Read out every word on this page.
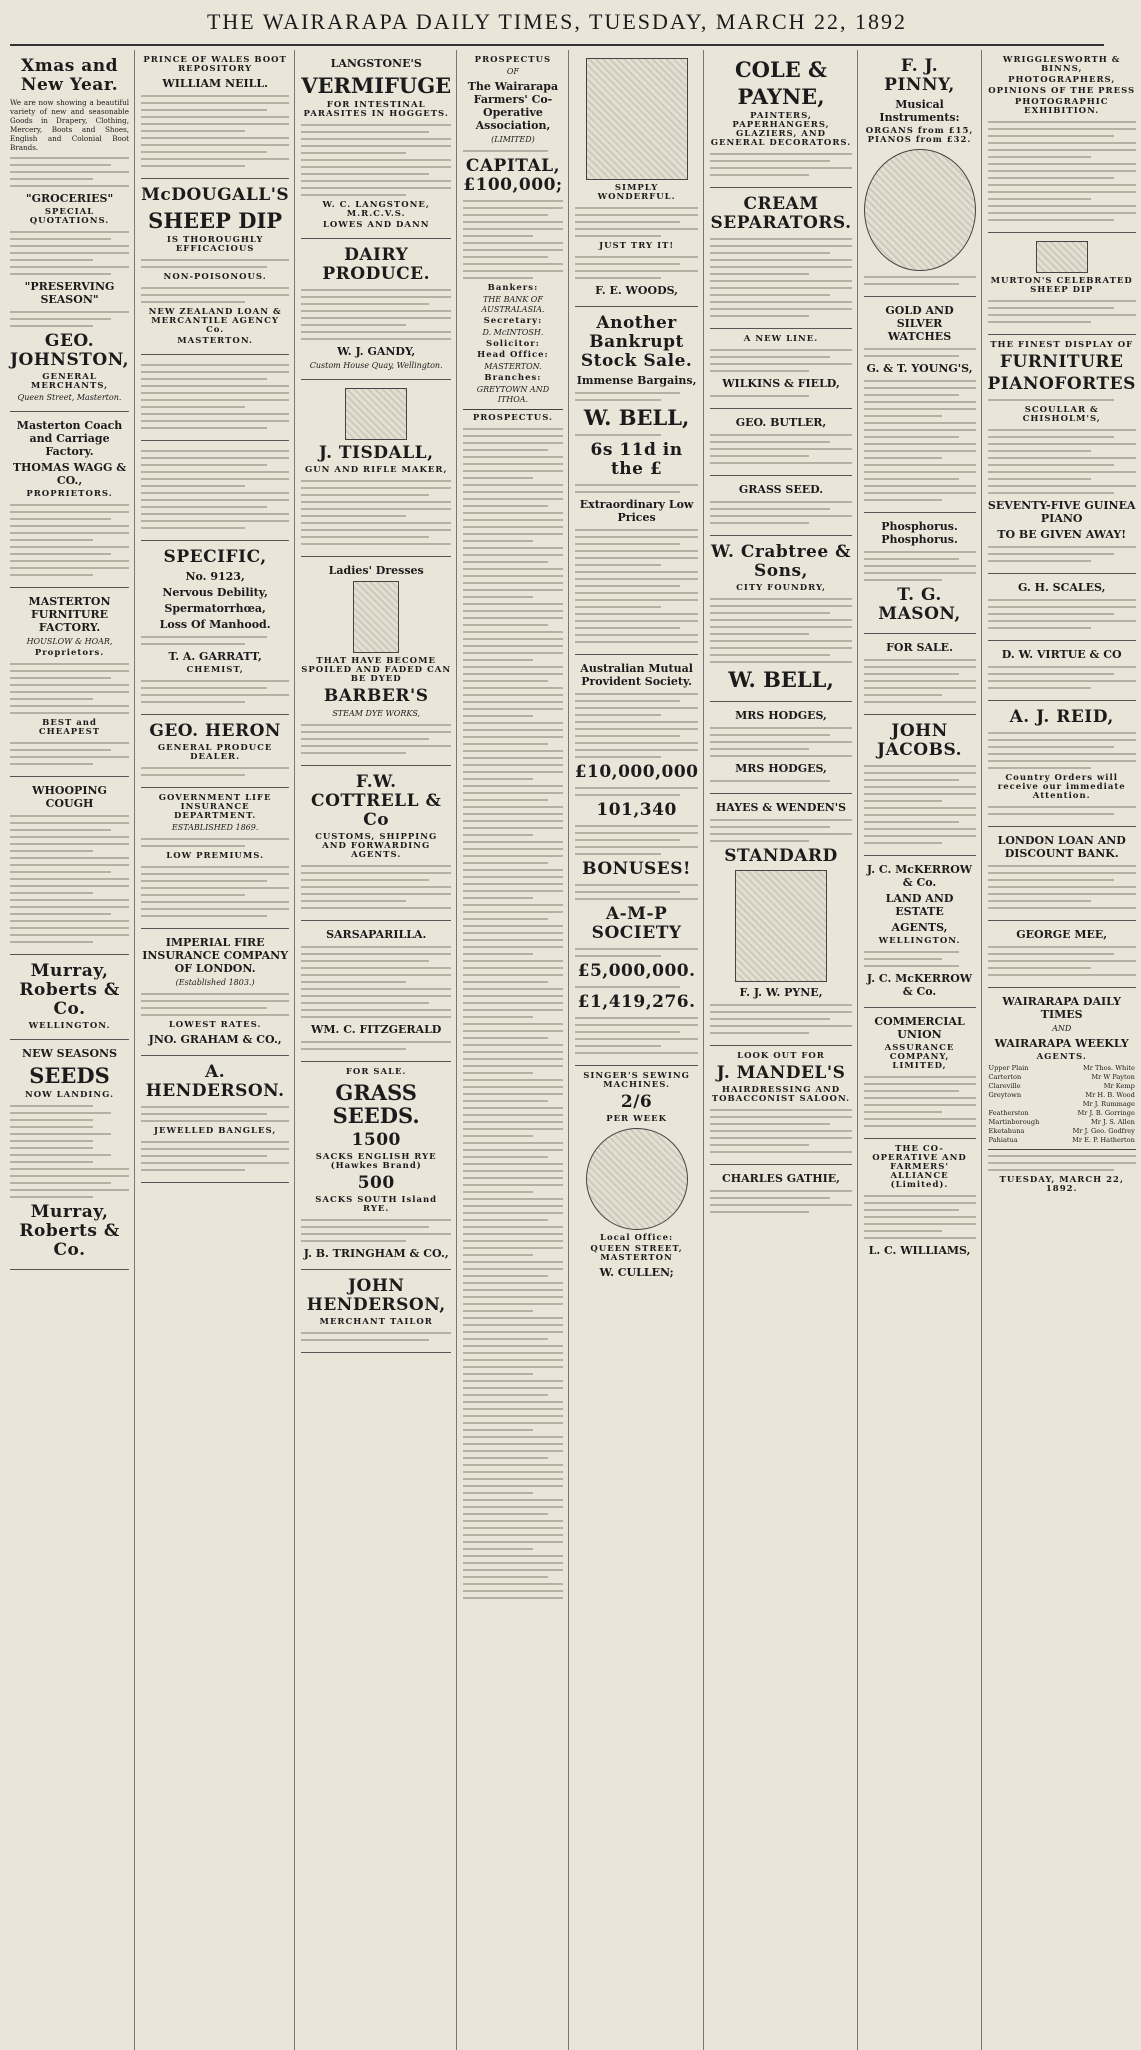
THE WAIRARAPA DAILY TIMES, TUESDAY, MARCH 22, 1892
Xmas and New Year.
We are now showing a beautiful variety of new and seasonable Goods in Drapery, Clothing, Mercery, Boots and Shoes, English and Colonial Boot Brands.
"GROCERIES"
SPECIAL QUOTATIONS.
"PRESERVING SEASON"
GEO. JOHNSTON,
GENERAL MERCHANTS,
Queen Street, Masterton.
Masterton Coach and Carriage Factory.
THOMAS WAGG & CO.,
PROPRIETORS.
MASTERTON FURNITURE FACTORY.
HOUSLOW & HOAR,
Proprietors.
BEST and CHEAPEST
WHOOPING COUGH
Murray, Roberts & Co.
WELLINGTON.
NEW SEASONS
SEEDS
NOW LANDING.
Murray, Roberts & Co.
PRINCE OF WALES BOOT REPOSITORY
WILLIAM NEILL.
McDOUGALL'S
SHEEP DIP
IS THOROUGHLY EFFICACIOUS
NON-POISONOUS.
NEW ZEALAND LOAN & MERCANTILE AGENCY Co.
MASTERTON.
SPECIFIC,
No. 9123,
Nervous Debility,
Spermatorrhœa,
Loss Of Manhood.
T. A. GARRATT,
CHEMIST,
GEO. HERON
GENERAL PRODUCE DEALER.
GOVERNMENT LIFE INSURANCE DEPARTMENT.
ESTABLISHED 1869.
LOW PREMIUMS.
IMPERIAL FIRE INSURANCE COMPANY OF LONDON.
(Established 1803.)
LOWEST RATES.
JNO. GRAHAM & CO.,
A. HENDERSON.
JEWELLED BANGLES,
LANGSTONE'S
VERMIFUGE
FOR INTESTINAL PARASITES IN HOGGETS.
W. C. LANGSTONE, M.R.C.V.S.
LOWES AND DANN
DAIRY PRODUCE.
W. J. GANDY,
Custom House Quay, Wellington.
J. TISDALL,
GUN AND RIFLE MAKER,
Ladies' Dresses
THAT HAVE BECOME SPOILED AND FADED CAN BE DYED
BARBER'S
STEAM DYE WORKS,
F.W. COTTRELL & Co
CUSTOMS, SHIPPING AND FORWARDING AGENTS.
SARSAPARILLA.
WM. C. FITZGERALD
FOR SALE.
GRASS SEEDS.
1500
SACKS ENGLISH RYE (Hawkes Brand)
500
SACKS SOUTH Island RYE.
J. B. TRINGHAM & CO.,
JOHN HENDERSON,
MERCHANT TAILOR
PROSPECTUS
OF
The Wairarapa Farmers' Co-Operative Association,
(LIMITED)
CAPITAL, £100,000;
Bankers:
THE BANK OF AUSTRALASIA.
Secretary:
D. McINTOSH.
Solicitor:
Head Office:
MASTERTON.
Branches:
GREYTOWN AND ITHOA.
PROSPECTUS.
SIMPLY WONDERFUL.
JUST TRY IT!
F. E. WOODS,
Another Bankrupt Stock Sale.
Immense Bargains,
W. BELL,
6s 11d in the £
Extraordinary Low Prices
Australian Mutual Provident Society.
£10,000,000
101,340
BONUSES!
A-M-P SOCIETY
£5,000,000.
£1,419,276.
SINGER'S SEWING MACHINES.
2/6
PER WEEK
Local Office:
QUEEN STREET, MASTERTON
W. CULLEN;
COLE &
PAYNE,
PAINTERS, PAPERHANGERS, GLAZIERS, AND GENERAL DECORATORS.
CREAM SEPARATORS.
A NEW LINE.
WILKINS & FIELD,
GEO. BUTLER,
GRASS SEED.
W. Crabtree & Sons,
CITY FOUNDRY,
W. BELL,
MRS HODGES,
MRS HODGES,
HAYES & WENDEN'S
STANDARD
F. J. W. PYNE,
LOOK OUT FOR
J. MANDEL'S
HAIRDRESSING AND TOBACCONIST SALOON.
CHARLES GATHIE,
F. J. PINNY,
Musical Instruments:
ORGANS from £15, PIANOS from £32.
GOLD AND SILVER WATCHES
G. & T. YOUNG'S,
Phosphorus. Phosphorus.
T. G. MASON,
FOR SALE.
JOHN JACOBS.
J. C. McKERROW & Co.
LAND AND ESTATE
AGENTS,
WELLINGTON.
J. C. McKERROW & Co.
COMMERCIAL UNION
ASSURANCE COMPANY, LIMITED,
THE CO-OPERATIVE AND FARMERS' ALLIANCE (Limited).
L. C. WILLIAMS,
WRIGGLESWORTH & BINNS,
PHOTOGRAPHERS,
OPINIONS OF THE PRESS
PHOTOGRAPHIC EXHIBITION.
MURTON'S CELEBRATED SHEEP DIP
THE FINEST DISPLAY OF
FURNITURE
PIANOFORTES
SCOULLAR & CHISHOLM'S,
SEVENTY-FIVE GUINEA PIANO
TO BE GIVEN AWAY!
G. H. SCALES,
D. W. VIRTUE & CO
A. J. REID,
Country Orders will receive our immediate Attention.
LONDON LOAN AND DISCOUNT BANK.
GEORGE MEE,
WAIRARAPA DAILY TIMES
AND
WAIRARAPA WEEKLY
AGENTS.
Upper Plain	Mr Thos. White
Carterton	Mr W Payton
Clareville	Mr Kemp
Greytown	Mr H. B. Wood
	Mr J. Rummage
Featherston	Mr J. B. Gorringe
Martinborough	Mr J. S. Allen
Eketahuna	Mr J. Geo. Godfrey
Pahiatua	Mr E. P. Hatherton
TUESDAY, MARCH 22, 1892.
